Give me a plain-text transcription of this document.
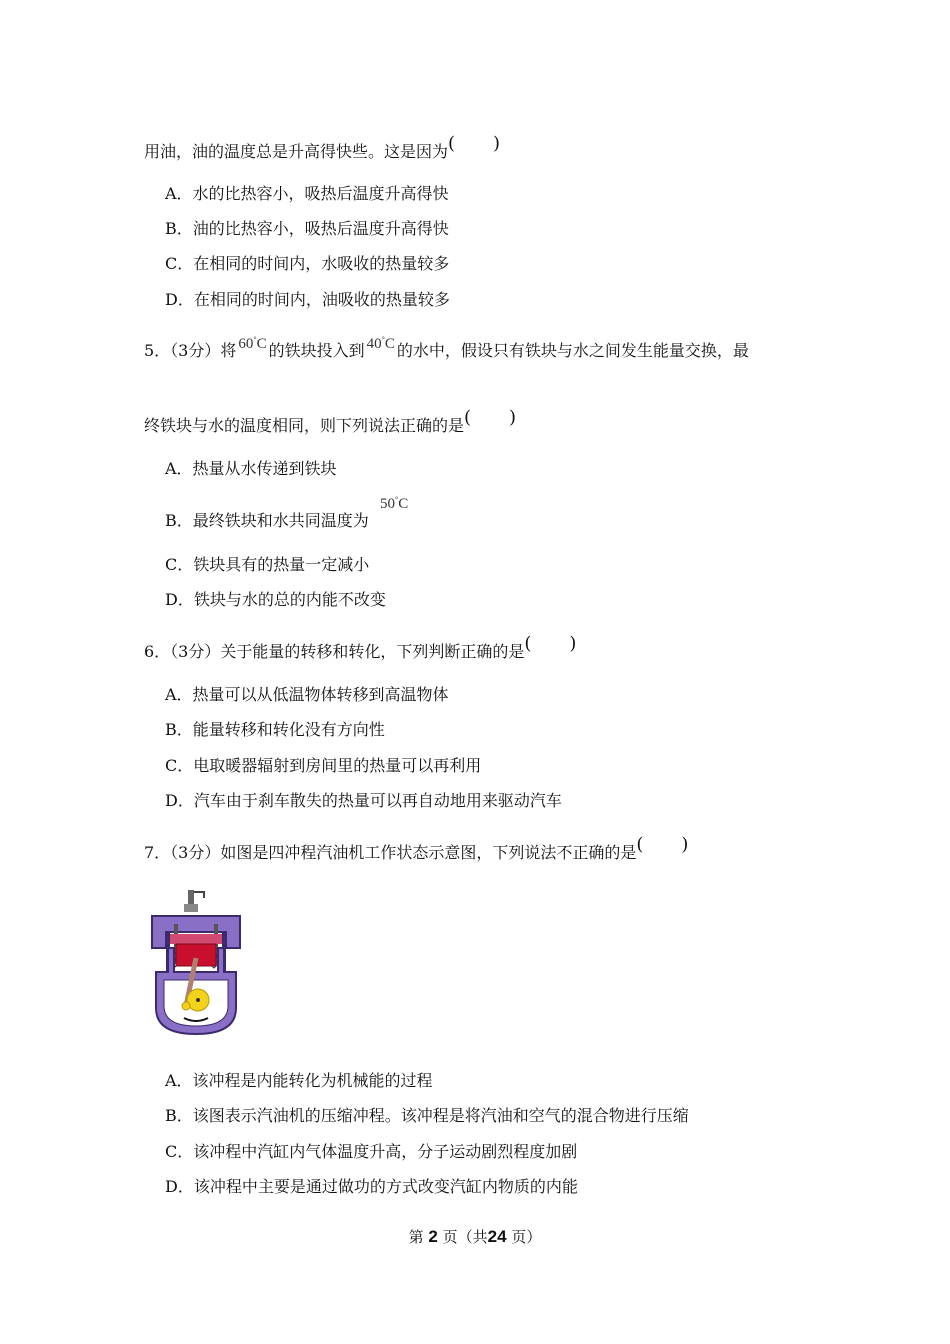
用油，油的温度总是升高得快些。这是因为( )
A．水的比热容小，吸热后温度升高得快
B．油的比热容小，吸热后温度升高得快
C．在相同的时间内，水吸收的热量较多
D．在相同的时间内，油吸收的热量较多
5．（3分）将 60°C 的铁块投入到 40°C 的水中，假设只有铁块与水之间发生能量交换，最
终铁块与水的温度相同，则下列说法正确的是( )
A．热量从水传递到铁块
B．最终铁块和水共同温度为
50°C
C．铁块具有的热量一定减小
D．铁块与水的总的内能不改变
6．（3分）关于能量的转移和转化，下列判断正确的是( )
A．热量可以从低温物体转移到高温物体
B．能量转移和转化没有方向性
C．电取暖器辐射到房间里的热量可以再利用
D．汽车由于刹车散失的热量可以再自动地用来驱动汽车
7．（3分）如图是四冲程汽油机工作状态示意图，下列说法不正确的是( )
A．该冲程是内能转化为机械能的过程
B．该图表示汽油机的压缩冲程。该冲程是将汽油和空气的混合物进行压缩
C．该冲程中汽缸内气体温度升高，分子运动剧烈程度加剧
D．该冲程中主要是通过做功的方式改变汽缸内物质的内能
第 2 页（共24 页）
